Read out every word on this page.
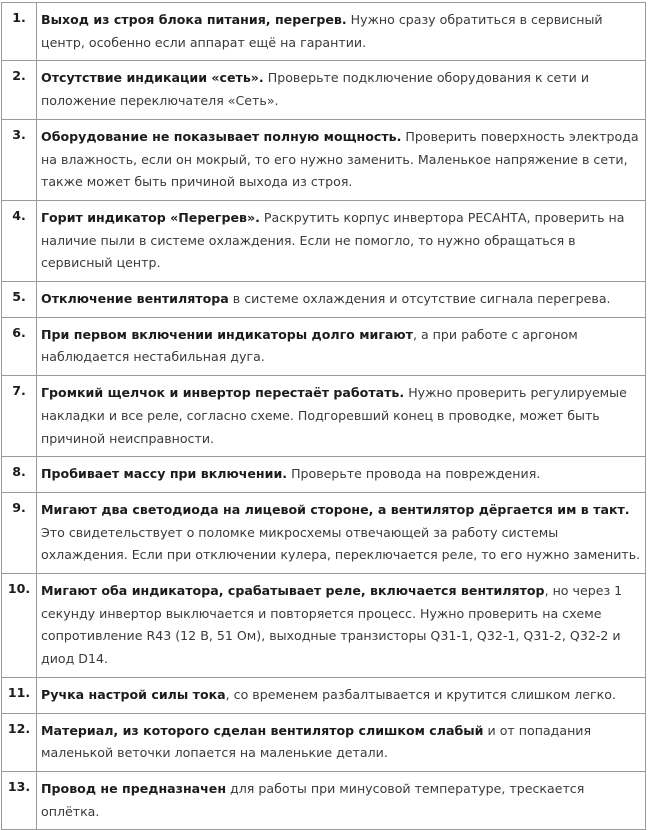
1.	Выход из строя блока питания, перегрев. Нужно сразу обратиться в сервисный центр, особенно если аппарат ещё на гарантии.
2.	Отсутствие индикации «сеть». Проверьте подключение оборудования к сети и положение переключателя «Сеть».
3.	Оборудование не показывает полную мощность. Проверить поверхность электрода на влажность, если он мокрый, то его нужно заменить. Маленькое напряжение в сети, также может быть причиной выхода из строя.
4.	Горит индикатор «Перегрев». Раскрутить корпус инвертора РЕСАНТА, проверить на наличие пыли в системе охлаждения. Если не помогло, то нужно обращаться в сервисный центр.
5.	Отключение вентилятора в системе охлаждения и отсутствие сигнала перегрева.
6.	При первом включении индикаторы долго мигают, а при работе с аргоном наблюдается нестабильная дуга.
7.	Громкий щелчок и инвертор перестаёт работать. Нужно проверить регулируемые накладки и все реле, согласно схеме. Подгоревший конец в проводке, может быть причиной неисправности.
8.	Пробивает массу при включении. Проверьте провода на повреждения.
9.	Мигают два светодиода на лицевой стороне, а вентилятор дёргается им в такт. Это свидетельствует о поломке микросхемы отвечающей за работу системы охлаждения. Если при отключении кулера, переключается реле, то его нужно заменить.
10.	Мигают оба индикатора, срабатывает реле, включается вентилятор, но через 1 секунду инвертор выключается и повторяется процесс. Нужно проверить на схеме сопротивление R43 (12 В, 51 Ом), выходные транзисторы Q31-1, Q32-1, Q31-2, Q32-2 и диод D14.
11.	Ручка настрой силы тока, со временем разбалтывается и крутится слишком легко.
12.	Материал, из которого сделан вентилятор слишком слабый и от попадания маленькой веточки лопается на маленькие детали.
13.	Провод не предназначен для работы при минусовой температуре, трескается оплётка.
